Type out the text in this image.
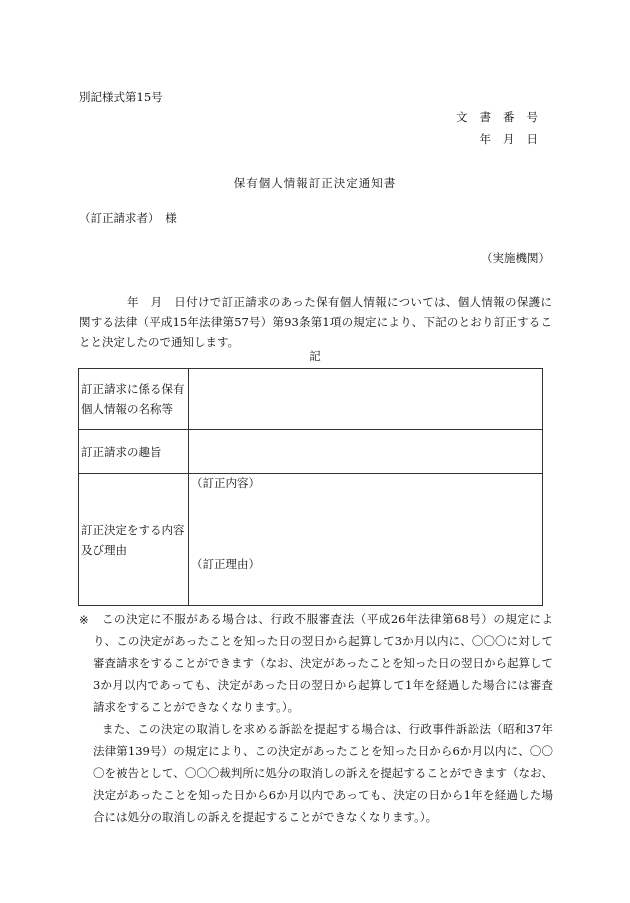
別記様式第15号
文書番号
年月日
保有個人情報訂正決定通知書
（訂正請求者）　様
（実施機関）
年　月　日付けで訂正請求のあった保有個人情報については、個人情報の保護に関する法律（平成15年法律第57号）第93条第1項の規定により、下記のとおり訂正することと決定したので通知します。
記
訂正請求に係る保有個人情報の名称等	
訂正請求の趣旨	
訂正決定をする内容及び理由	（訂正内容）
（訂正理由）
※	この決定に不服がある場合は、行政不服審査法（平成26年法律第68号）の規定により、この決定があったことを知った日の翌日から起算して3か月以内に、〇〇〇に対して審査請求をすることができます（なお、決定があったことを知った日の翌日から起算して3か月以内であっても、決定があった日の翌日から起算して1年を経過した場合には審査請求をすることができなくなります。）。
また、この決定の取消しを求める訴訟を提起する場合は、行政事件訴訟法（昭和37年法律第139号）の規定により、この決定があったことを知った日から6か月以内に、〇〇〇を被告として、〇〇〇裁判所に処分の取消しの訴えを提起することができます（なお、決定があったことを知った日から6か月以内であっても、決定の日から1年を経過した場合には処分の取消しの訴えを提起することができなくなります。）。
